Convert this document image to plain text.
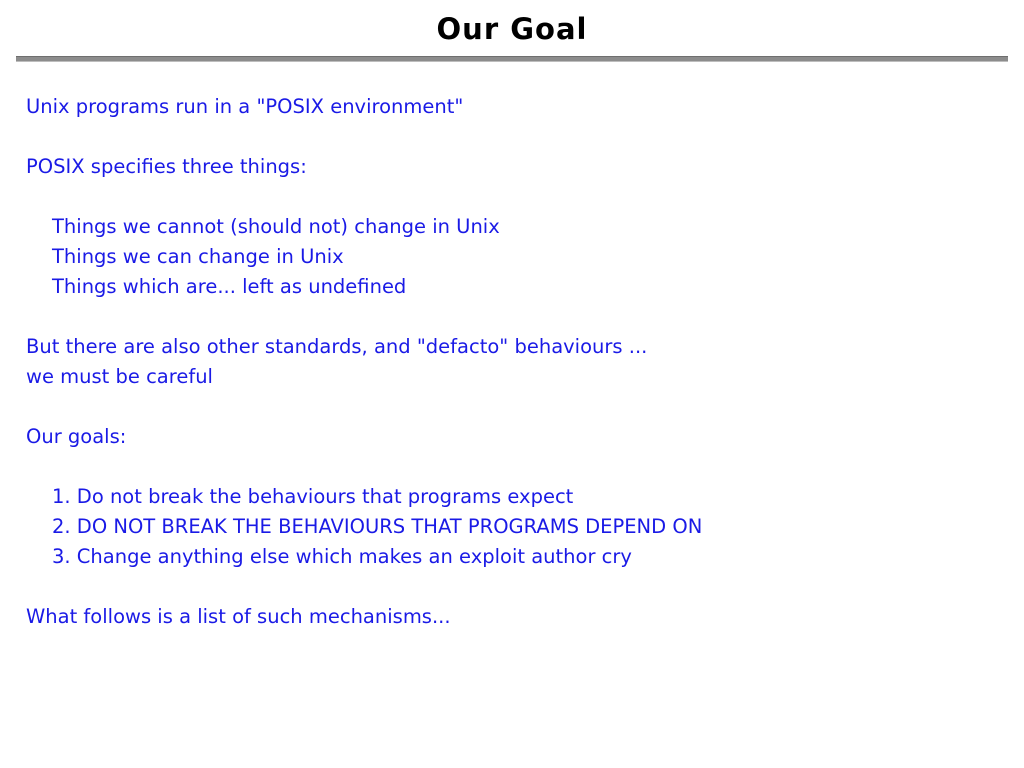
Our Goal
Unix programs run in a "POSIX environment"
POSIX specifies three things:
Things we cannot (should not) change in Unix
Things we can change in Unix
Things which are... left as undefined
But there are also other standards, and "defacto" behaviours ...
we must be careful
Our goals:
1. Do not break the behaviours that programs expect
2. DO NOT BREAK THE BEHAVIOURS THAT PROGRAMS DEPEND ON
3. Change anything else which makes an exploit author cry
What follows is a list of such mechanisms...
